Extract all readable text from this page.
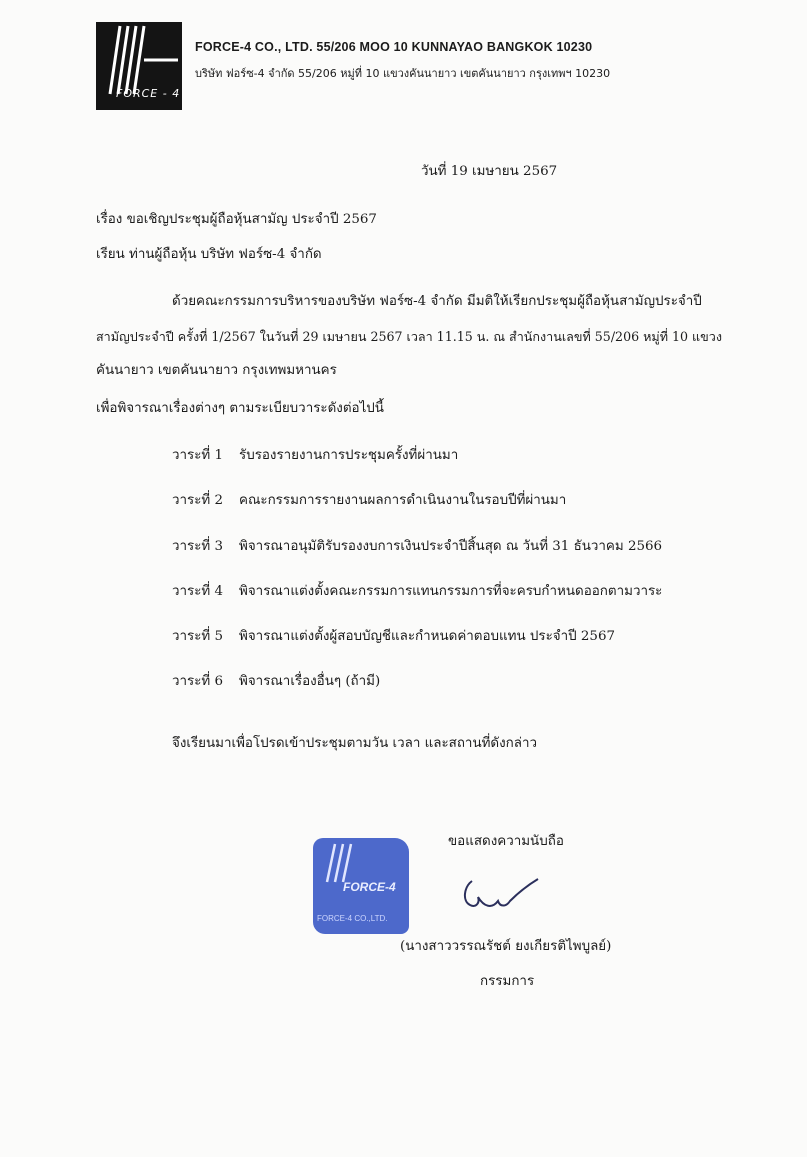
FORCE - 4
FORCE-4 CO., LTD. 55/206 MOO 10 KUNNAYAO BANGKOK 10230
บริษัท ฟอร์ซ-4 จำกัด 55/206 หมู่ที่ 10 แขวงคันนายาว เขตคันนายาว กรุงเทพฯ 10230
วันที่ 19 เมษายน 2567
เรื่อง ขอเชิญประชุมผู้ถือหุ้นสามัญ ประจำปี 2567
เรียน ท่านผู้ถือหุ้น บริษัท ฟอร์ซ-4 จำกัด
ด้วยคณะกรรมการบริหารของบริษัท ฟอร์ซ-4 จำกัด มีมติให้เรียกประชุมผู้ถือหุ้นสามัญประจำปี
สามัญประจำปี ครั้งที่ 1/2567 ในวันที่ 29 เมษายน 2567 เวลา 11.15 น. ณ สำนักงานเลขที่ 55/206 หมู่ที่ 10 แขวง
คันนายาว เขตคันนายาว กรุงเทพมหานคร
เพื่อพิจารณาเรื่องต่างๆ ตามระเบียบวาระดังต่อไปนี้
วาระที่ 1 รับรองรายงานการประชุมครั้งที่ผ่านมา
วาระที่ 2 คณะกรรมการรายงานผลการดำเนินงานในรอบปีที่ผ่านมา
วาระที่ 3 พิจารณาอนุมัติรับรองงบการเงินประจำปีสิ้นสุด ณ วันที่ 31 ธันวาคม 2566
วาระที่ 4 พิจารณาแต่งตั้งคณะกรรมการแทนกรรมการที่จะครบกำหนดออกตามวาระ
วาระที่ 5 พิจารณาแต่งตั้งผู้สอบบัญชีและกำหนดค่าตอบแทน ประจำปี 2567
วาระที่ 6 พิจารณาเรื่องอื่นๆ (ถ้ามี)
จึงเรียนมาเพื่อโปรดเข้าประชุมตามวัน เวลา และสถานที่ดังกล่าว
ขอแสดงความนับถือ
FORCE-4
FORCE-4 CO.,LTD.
(นางสาววรรณรัชต์ ยงเกียรติไพบูลย์)
กรรมการ
